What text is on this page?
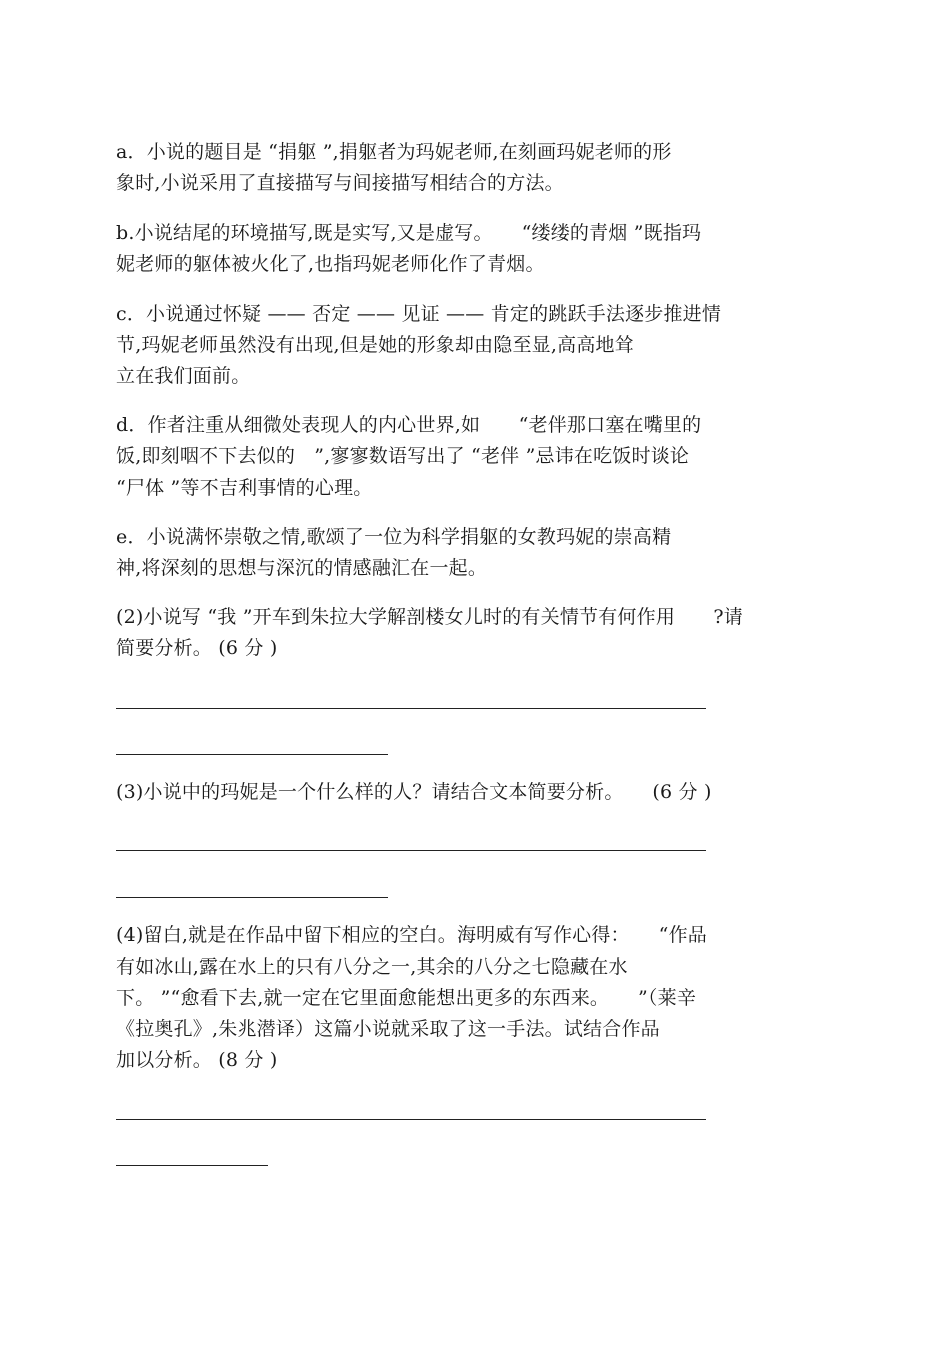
a．小说的题目是 “捐躯 ”,捐躯者为玛妮老师,在刻画玛妮老师的形
象时,小说采用了直接描写与间接描写相结合的方法。
b.小说结尾的环境描写,既是实写,又是虚写。　　“缕缕的青烟 ”既指玛
妮老师的躯体被火化了,也指玛妮老师化作了青烟。
c．小说通过怀疑 —— 否定 —— 见证 —— 肯定的跳跃手法逐步推进情
节,玛妮老师虽然没有出现,但是她的形象却由隐至显,高高地耸
立在我们面前。
d．作者注重从细微处表现人的内心世界,如　　“老伴那口塞在嘴里的
饭,即刻咽不下去似的　”,寥寥数语写出了 “老伴 ”忌讳在吃饭时谈论
“尸体 ”等不吉利事情的心理。
e．小说满怀崇敬之情,歌颂了一位为科学捐躯的女教玛妮的崇高精
神,将深刻的思想与深沉的情感融汇在一起。
(2)小说写 “我 ”开车到朱拉大学解剖楼女儿时的有关情节有何作用　　?请
简要分析。 (6 分 )
(3)小说中的玛妮是一个什么样的人？请结合文本简要分析。　　(6 分 )
(4)留白,就是在作品中留下相应的空白。海明威有写作心得：　　“作品
有如冰山,露在水上的只有八分之一,其余的八分之七隐藏在水
下。 ”“愈看下去,就一定在它里面愈能想出更多的东西来。　　”（莱辛
《拉奥孔》,朱兆潜译）这篇小说就采取了这一手法。试结合作品
加以分析。 (8 分 )
